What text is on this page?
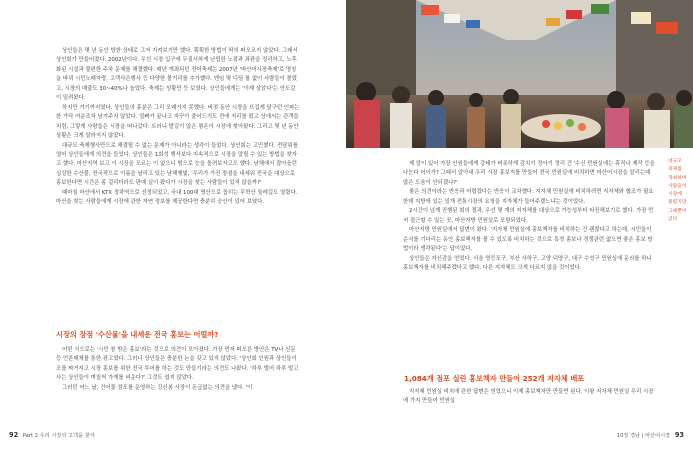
상인들은 몇 년 동안 방한 상태로 그저 지켜보기만 했다. 획획한 방법이 딱히 떠오르지 않았다. 그래서 상인회가 만들어졌다. 2002년이다. 우선 시장 입구에 무질서하게 난립한 노점과 좌판을 정리하고, 노후화된 시설과 불편한 주차 문제를 해결했다. 매년 개최되던 전어축제는 2007년 '바산어시장축제'로 명칭을 바뀌 시민노래자랑, 고객사은행사 등 다양한 볼거리를 추가했다. 엔임 몇 디딤 를 없이 사람들이 몰렸고, 시장의 매출도 30~40%나 늘었다. 축제는 성황만 듯 보였다. 상인들에게는 '이제 살았다'는 안도감이 밀려왔다.

하지만 거기까지였다. 상인들의 흥분은 그리 오래가지 못했다. 버젓 동안 시장을 뜨겁게 달구던 인파는 한 가닥 여운조차 남겨주지 않았다. 얼빠가 끝나고 자꾸이 줄어드기도 전에 지리를 떴고 상에서는 관객들처럼, 그렇게 사람들은 시장을 떠나갔다. 트러니 발길이 않은 평온이 시장에 찾아왔다. 그리고 몇 년 동안 상황은 크게 달라지지 않았다.

대규모 축제행사만으로 해결될 수 없는 문제가 아니라는 생각이 들었다. 상인회는 고민했다. 전담위를 열어 상인들에게 의견을 들었다. 상인들은 1회성 행사보다 지속적으로 시장을 알릴 수 있는 방법을 찾자고 했다. 마산지역 보고 이 시장을 모르는 이 없으니 범으로 눈을 돌려보자고도 했다. 남해에서 잡아올린 싱싱한 수산물, 전국적으로 이름을 날리고 있는 남해햇빛, '우리가 가진 장점을 내세워 전국을 대상으로 홍보한다면 시간은 좀 걸리더라도 판매 실이 왔다가 시장을 찾는 사람들이 있지 않을까?'

때마침 마산에서 KTX 정차역으로 선정되었고, 국내 100대 명산으로 꼽히는 무학산 둘레길도 열렸다. 마산을 찾는 사람들에게 시장에 관한 자연 정보를 제공한다면 충분히 승산이 있어 보였다.

시장의 장점 '수산물'을 내세운 전국 홍보는 어떨까?

어떤 식으로는 '시민 창 밖은 홍보'라는 것으로 의견이 모아졌다. 가장 먼저 떠오른 방안은 TV나 신문 등 언론매체를 통한 광고였다. 그러나 상인들은 충분한 논을 갖고 있지 않았다. '상인회 인원과 상인들이 조를 짜거지고 시장 홍보를 위한 전국 투어를 하는 것도 만들기라는 의견도 나왔다. '하루 벌어 하루 벌고 사는 상인들이 며칠씩 가게를 비운다?' 그것도 쉽지 않았다.

그러던 어느 날, 건어물 점포를 운영하는 강신봉 사장이 돈급없는 의견을 냈다. '이

대규모 축제를 개최하며 사람들이 시장에 몰렸지만 그때뿐이었다

제 알이 있어 가장 인원들에게 강태가 버릇하게 감치기 정아기 정리 건 '수신 민원실에는 휴직나 제작 등을 나눈다 어이가? 그래서 알아내 우리 시장 홍보지를 만들어 전국 민원실에 비치하면 마산어시장을 알리는데 많은 도움이 안되겠나?'

좋은 의견이라는 반응과 어렵겠다는 반응이 교차했다. 지자체 민원실에 비치하려면 지자체와 협조가 필요한데 지방에 있는 일개 전통시장의 요청을 지자체가 들어주겠느냐는 것이었다.

2시간이 넘게 진행된 회의 결과, 우선 몇 개의 지자체를 대상으로 가능성부터 타진해보기로 했다. 가장 먼저 접근할 수 있는 곳, 마산지방 민원실로 포함되었다.

마산지방 민원실에서 답변이 왔다. '지자체 민원실에 홍보책자를 비치하는 건 괜찮다고 하는데, 시민들이 순서를 기다리는 동안 홍보책자를 볼 수 있도록 비치하는 것으로 특정 홍보나 경쟁관련 없으면 좋은 홍보 방법이라 생각된다'는 답이었다.

상인들은 자신감을 얻었다. 서울 영등포구, 부산 사하구, 고양 덕양구, 대구 수성구 민원실에 문의를 하니 홍보책자를 비치해주겠다고 했다. 다른 지자체도 크게 다르지 않을 것이었다.

1,084개 점포 실린 홍보책자 만들어 252개 지자체 배포

지자체 민원실 비치에 관한 답변은 얻었으니 이제 홍보책자만 만들면 된다. 이왕 지자체 민원실 우리 시장에 가지 만들어 민원실

92 Part 2 우리 시장의 고객을 찾자	10장 경남 | 마산어시장 93
